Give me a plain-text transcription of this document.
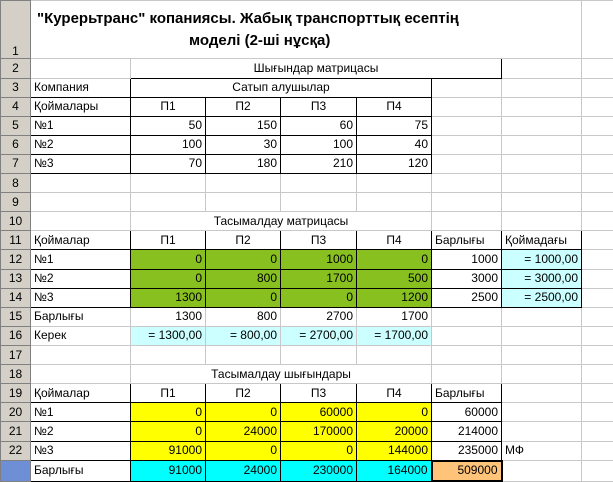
1	"Курерьтранс" копаниясы. Жабық транспорттық есептің
моделі (2-ші нұсқа)							

2		Шығындар матрицасы						
3	Компания	Сатып алушылар						
4	Қоймалары	П1	П2	П3	П4			
5	№1	50	150	60	75			
6	№2	100	30	100	40			
7	№3	70	180	210	120			
8								
9								
10		Тасымалдау матрицасы						
11	Қоймалар	П1	П2	П3	П4	Барлығы	Қоймадағы	
12	№1	0	0	1000	0	1000	= 1000,00	
13	№2	0	800	1700	500	3000	= 3000,00	
14	№3	1300	0	0	1200	2500	= 2500,00	
15	Барлығы	1300	800	2700	1700			
16	Керек	= 1300,00	= 800,00	= 2700,00	= 1700,00			
17								
18		Тасымалдау шығындары						
19	Қоймалар	П1	П2	П3	П4	Барлығы		
20	№1	0	0	60000	0	60000		
21	№2	0	24000	170000	20000	214000		
22	№3	91000	0	0	144000	235000	МФ	
	Барлығы	91000	24000	230000	164000	509000		
